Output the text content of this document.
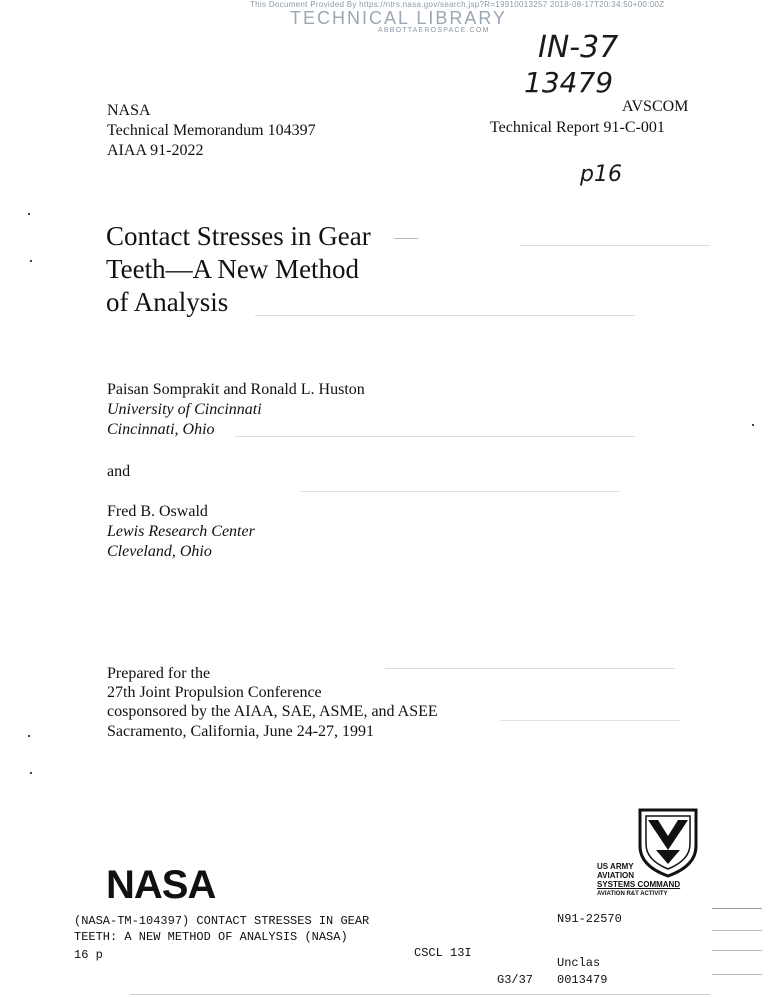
This Document Provided By https://ntrs.nasa.gov/search.jsp?R=19910013257 2018-08-17T20:34:50+00:00Z
TECHNICAL LIBRARY
ABBOTTAEROSPACE.COM IN-37
13479
p16
NASA
Technical Memorandum 104397
AIAA 91-2022
AVSCOM
Technical Report 91-C-001
Contact Stresses in Gear
Teeth—A New Method
of Analysis
Paisan Somprakit and Ronald L. Huston
University of Cincinnati
Cincinnati, Ohio
and
Fred B. Oswald
Lewis Research Center
Cleveland, Ohio
Prepared for the
27th Joint Propulsion Conference
cosponsored by the AIAA, SAE, ASME, and ASEE
Sacramento, California, June 24-27, 1991
US ARMY
AVIATION
SYSTEMS COMMAND
AVIATION R&T ACTIVITY
NASA
(NASA-TM-104397) CONTACT STRESSES IN GEAR
TEETH: A NEW METHOD OF ANALYSIS (NASA)
16 p	CSCL 13I
N91-22570
Unclas
G3/37 0013479
